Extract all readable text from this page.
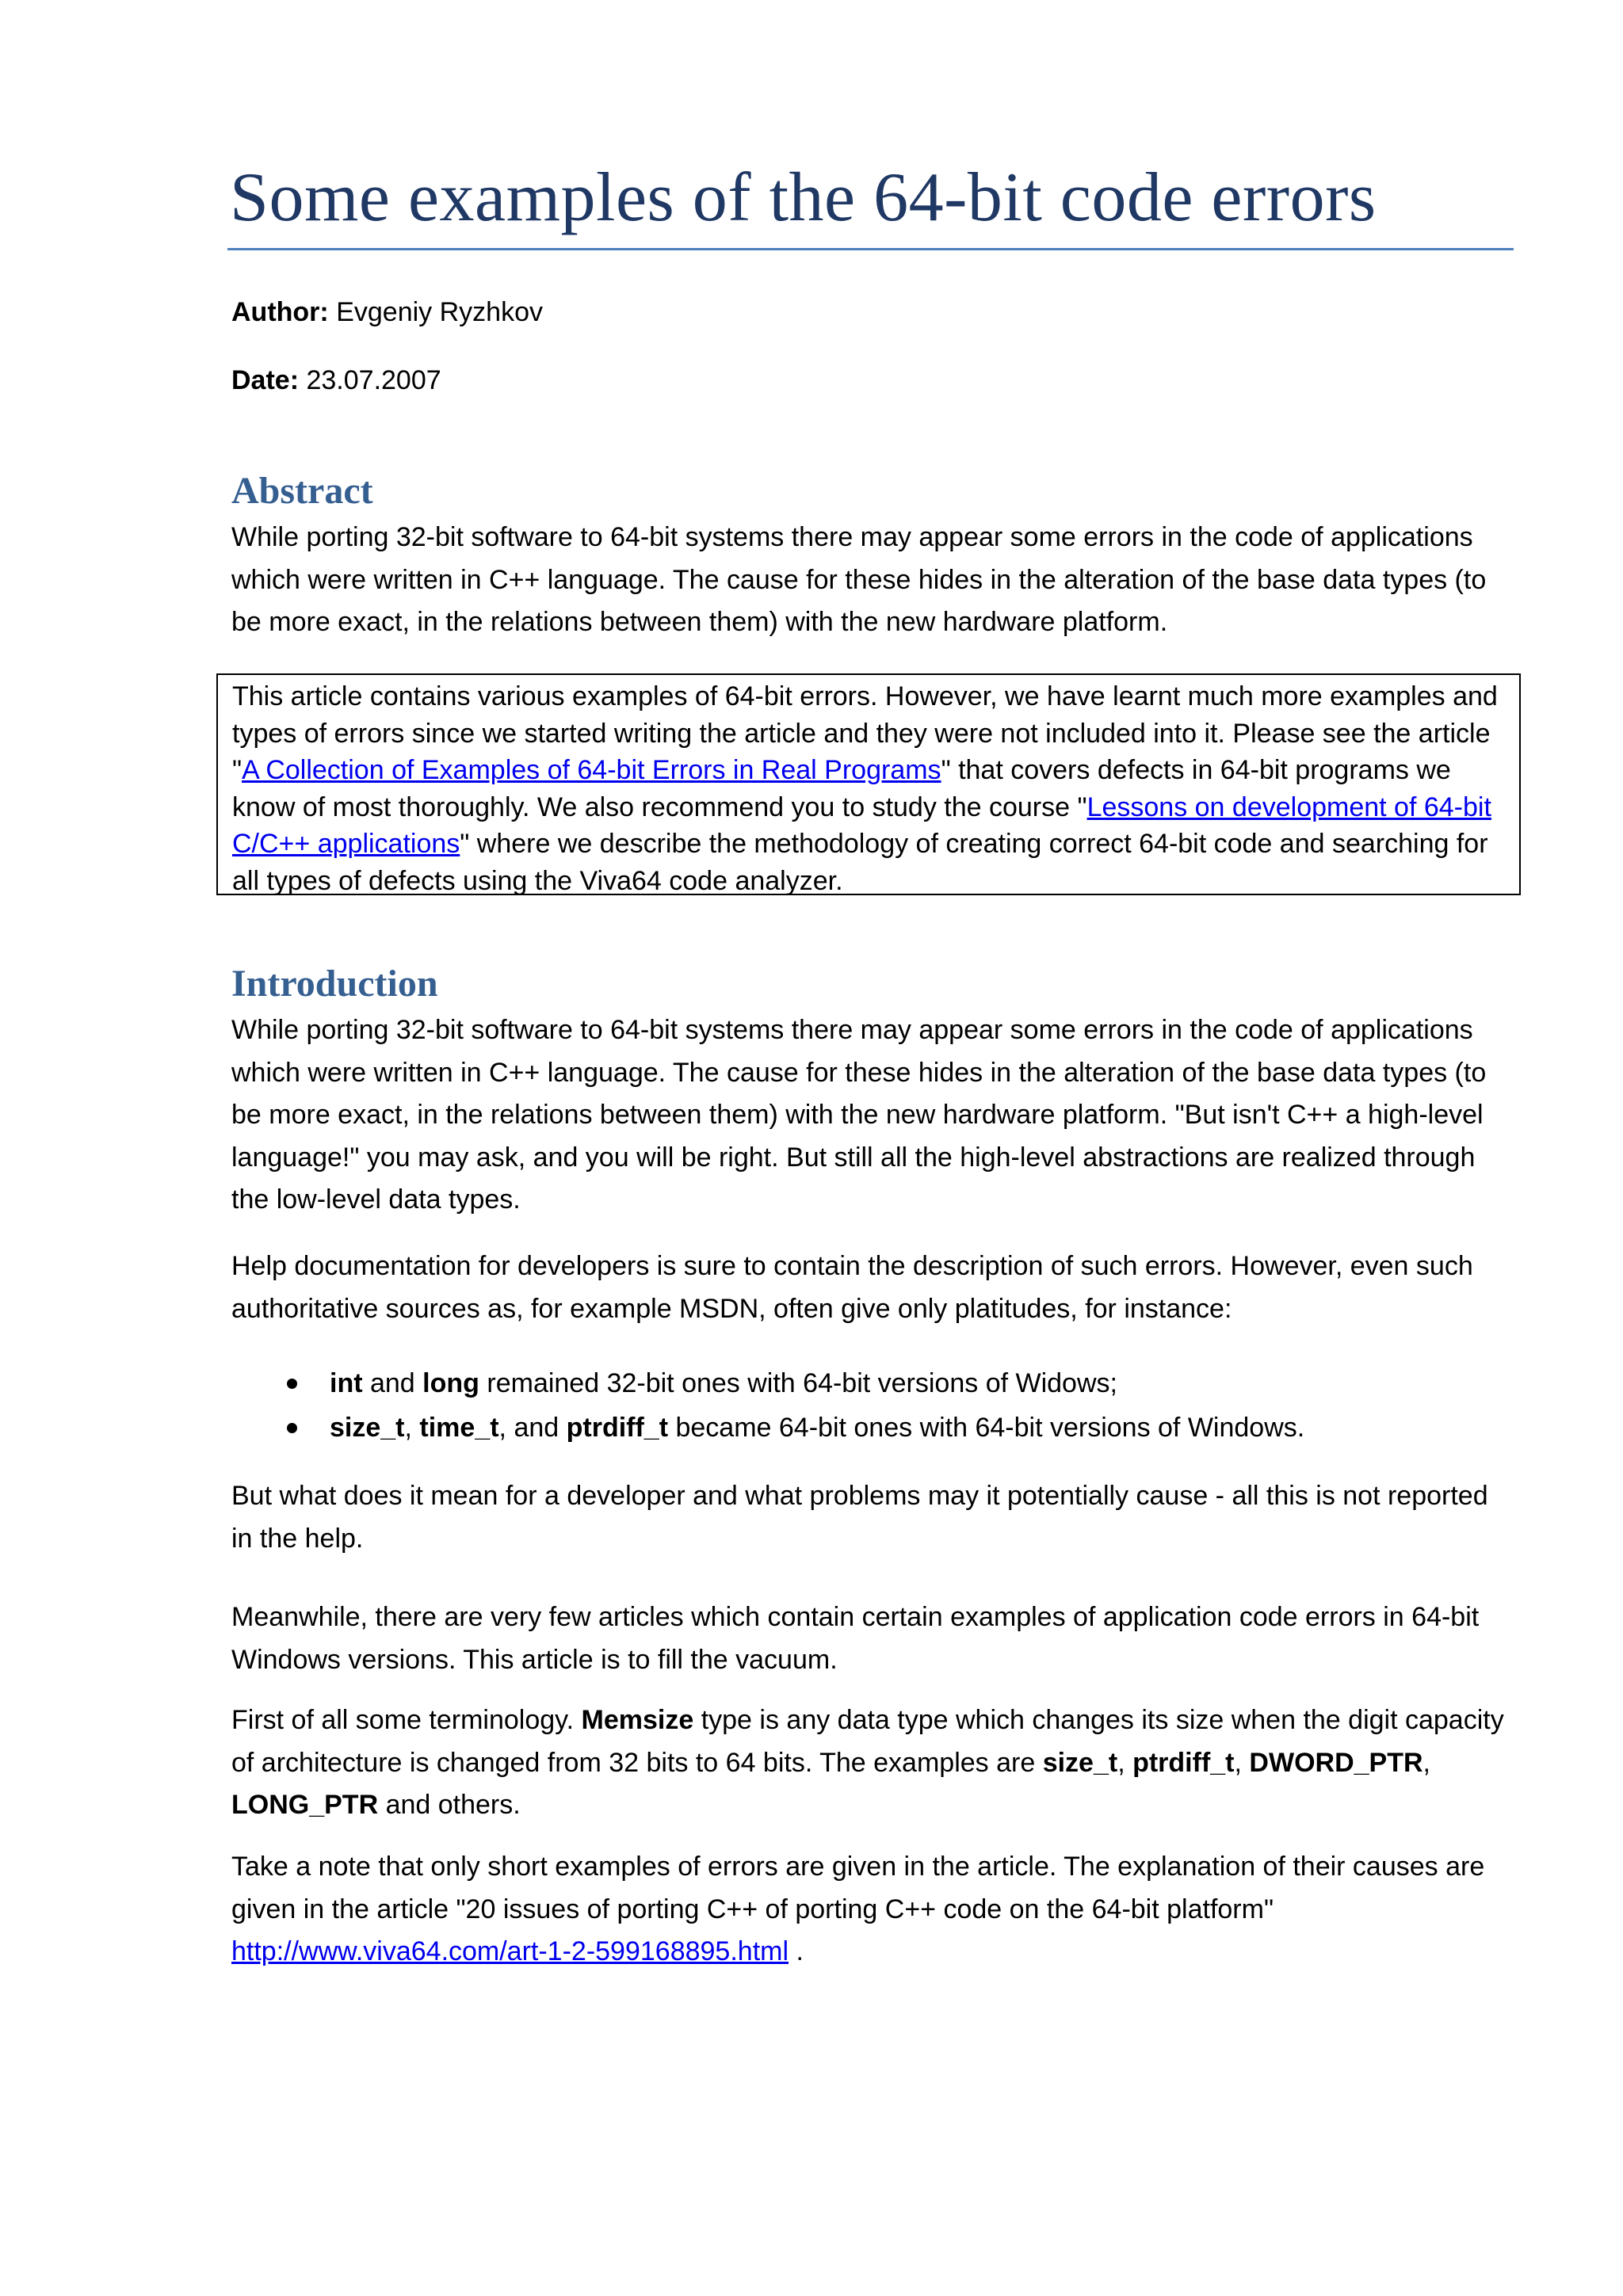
Some examples of the 64-bit code errors
Author: Evgeniy Ryzhkov
Date: 23.07.2007
Abstract

While porting 32-bit software to 64-bit systems there may appear some errors in the code of applications which were written in C++ language. The cause for these hides in the alteration of the base data types (to be more exact, in the relations between them) with the new hardware platform.

This article contains various examples of 64-bit errors. However, we have learnt much more examples and types of errors since we started writing the article and they were not included into it. Please see the article "A Collection of Examples of 64-bit Errors in Real Programs" that covers defects in 64-bit programs we know of most thoroughly. We also recommend you to study the course "Lessons on development of 64-bit C/C++ applications" where we describe the methodology of creating correct 64-bit code and searching for all types of defects using the Viva64 code analyzer.
Introduction

While porting 32-bit software to 64-bit systems there may appear some errors in the code of applications which were written in C++ language. The cause for these hides in the alteration of the base data types (to be more exact, in the relations between them) with the new hardware platform. "But isn't C++ a high-level language!" you may ask, and you will be right. But still all the high-level abstractions are realized through the low-level data types.

Help documentation for developers is sure to contain the description of such errors. However, even such authoritative sources as, for example MSDN, often give only platitudes, for instance:

int and long remained 32-bit ones with 64-bit versions of Widows;
size_t, time_t, and ptrdiff_t became 64-bit ones with 64-bit versions of Windows.

But what does it mean for a developer and what problems may it potentially cause - all this is not reported in the help.

Meanwhile, there are very few articles which contain certain examples of application code errors in 64-bit Windows versions. This article is to fill the vacuum.

First of all some terminology. Memsize type is any data type which changes its size when the digit capacity of architecture is changed from 32 bits to 64 bits. The examples are size_t, ptrdiff_t, DWORD_PTR, LONG_PTR and others.

Take a note that only short examples of errors are given in the article. The explanation of their causes are given in the article "20 issues of porting C++ of porting C++ code on the 64-bit platform" http://www.viva64.com/art-1-2-599168895.html .
